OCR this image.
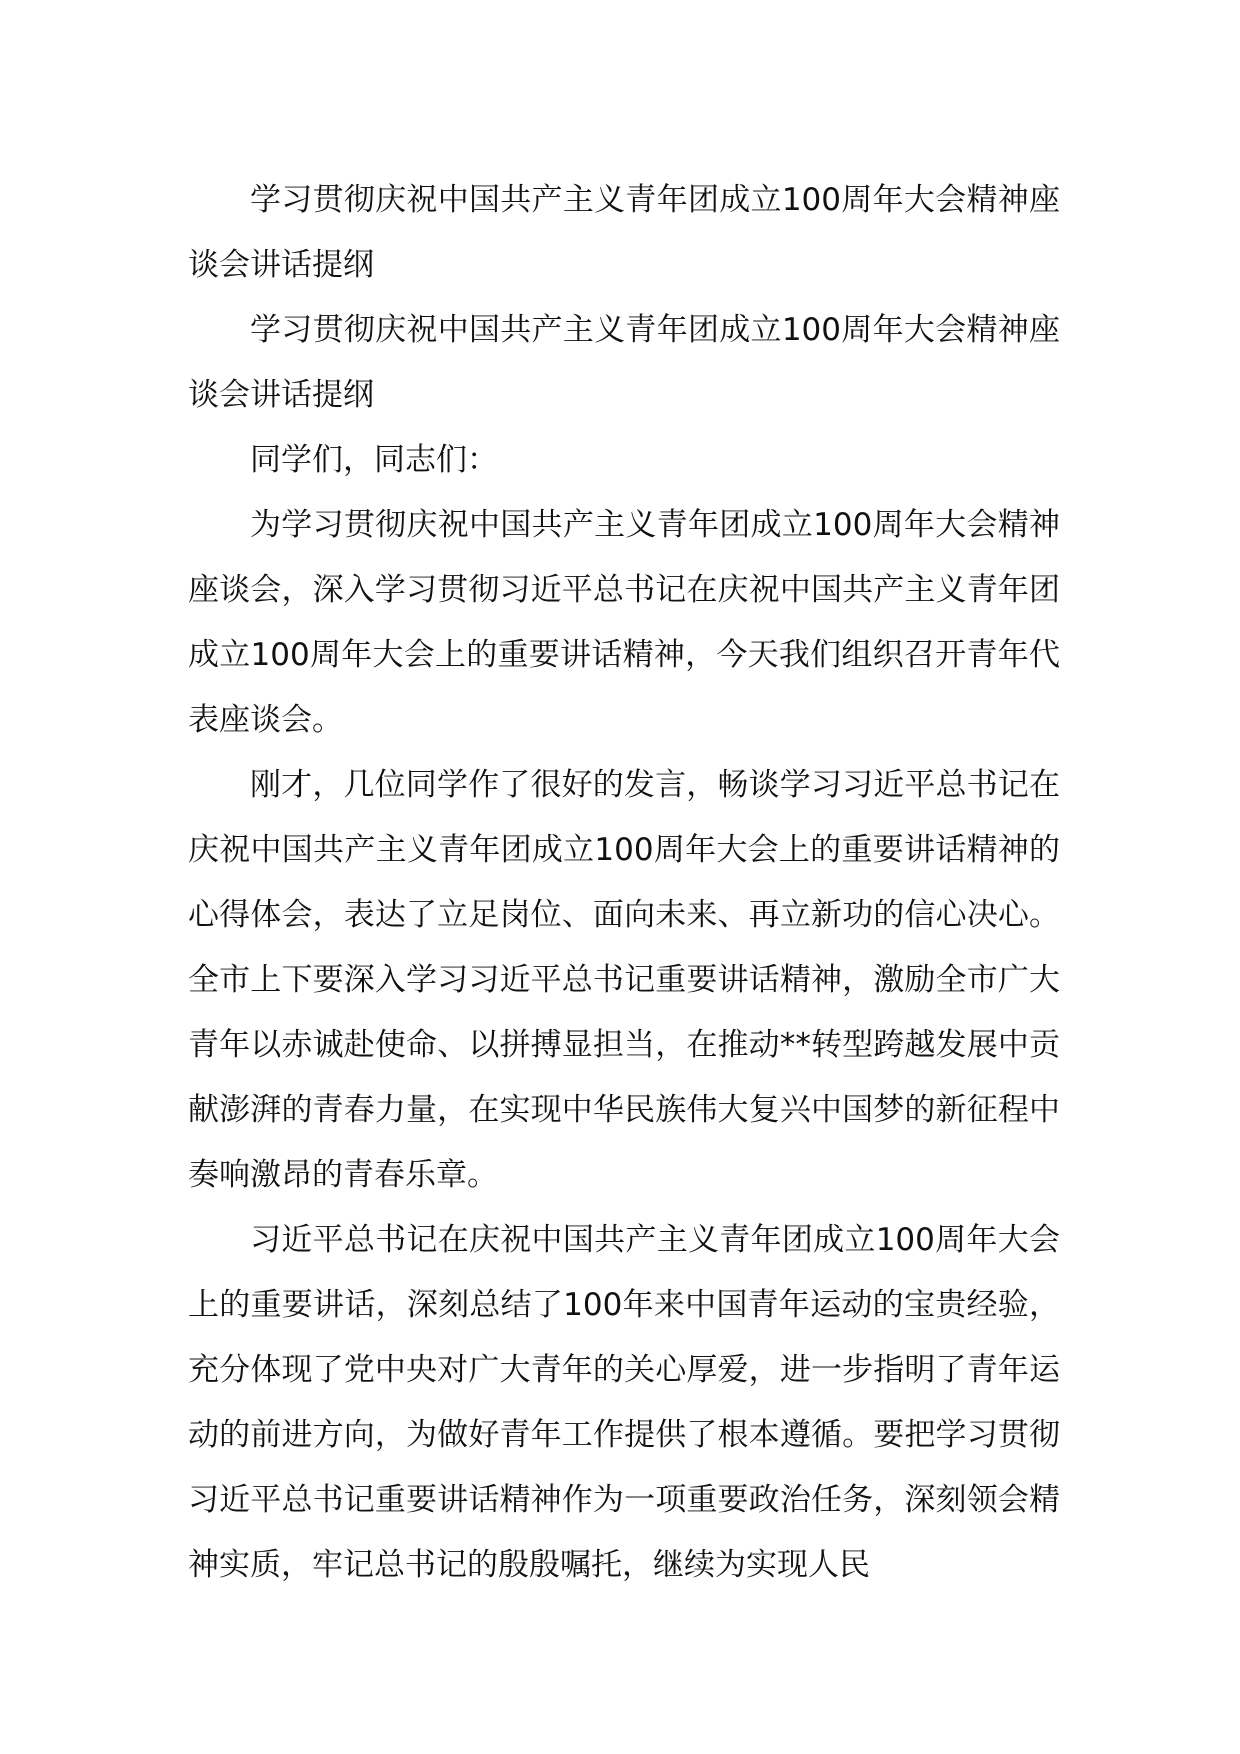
学习贯彻庆祝中国共产主义青年团成立100周年大会精神座谈会讲话提纲

学习贯彻庆祝中国共产主义青年团成立100周年大会精神座谈会讲话提纲

同学们，同志们：

为学习贯彻庆祝中国共产主义青年团成立100周年大会精神座谈会，深入学习贯彻习近平总书记在庆祝中国共产主义青年团成立100周年大会上的重要讲话精神，今天我们组织召开青年代表座谈会。

刚才，几位同学作了很好的发言，畅谈学习习近平总书记在庆祝中国共产主义青年团成立100周年大会上的重要讲话精神的心得体会，表达了立足岗位、面向未来、再立新功的信心决心。全市上下要深入学习习近平总书记重要讲话精神，激励全市广大青年以赤诚赴使命、以拼搏显担当，在推动**转型跨越发展中贡献澎湃的青春力量，在实现中华民族伟大复兴中国梦的新征程中奏响激昂的青春乐章。

习近平总书记在庆祝中国共产主义青年团成立100周年大会上的重要讲话，深刻总结了100年来中国青年运动的宝贵经验，充分体现了党中央对广大青年的关心厚爱，进一步指明了青年运动的前进方向，为做好青年工作提供了根本遵循。要把学习贯彻习近平总书记重要讲话精神作为一项重要政治任务，深刻领会精神实质，牢记总书记的殷殷嘱托，继续为实现人民
